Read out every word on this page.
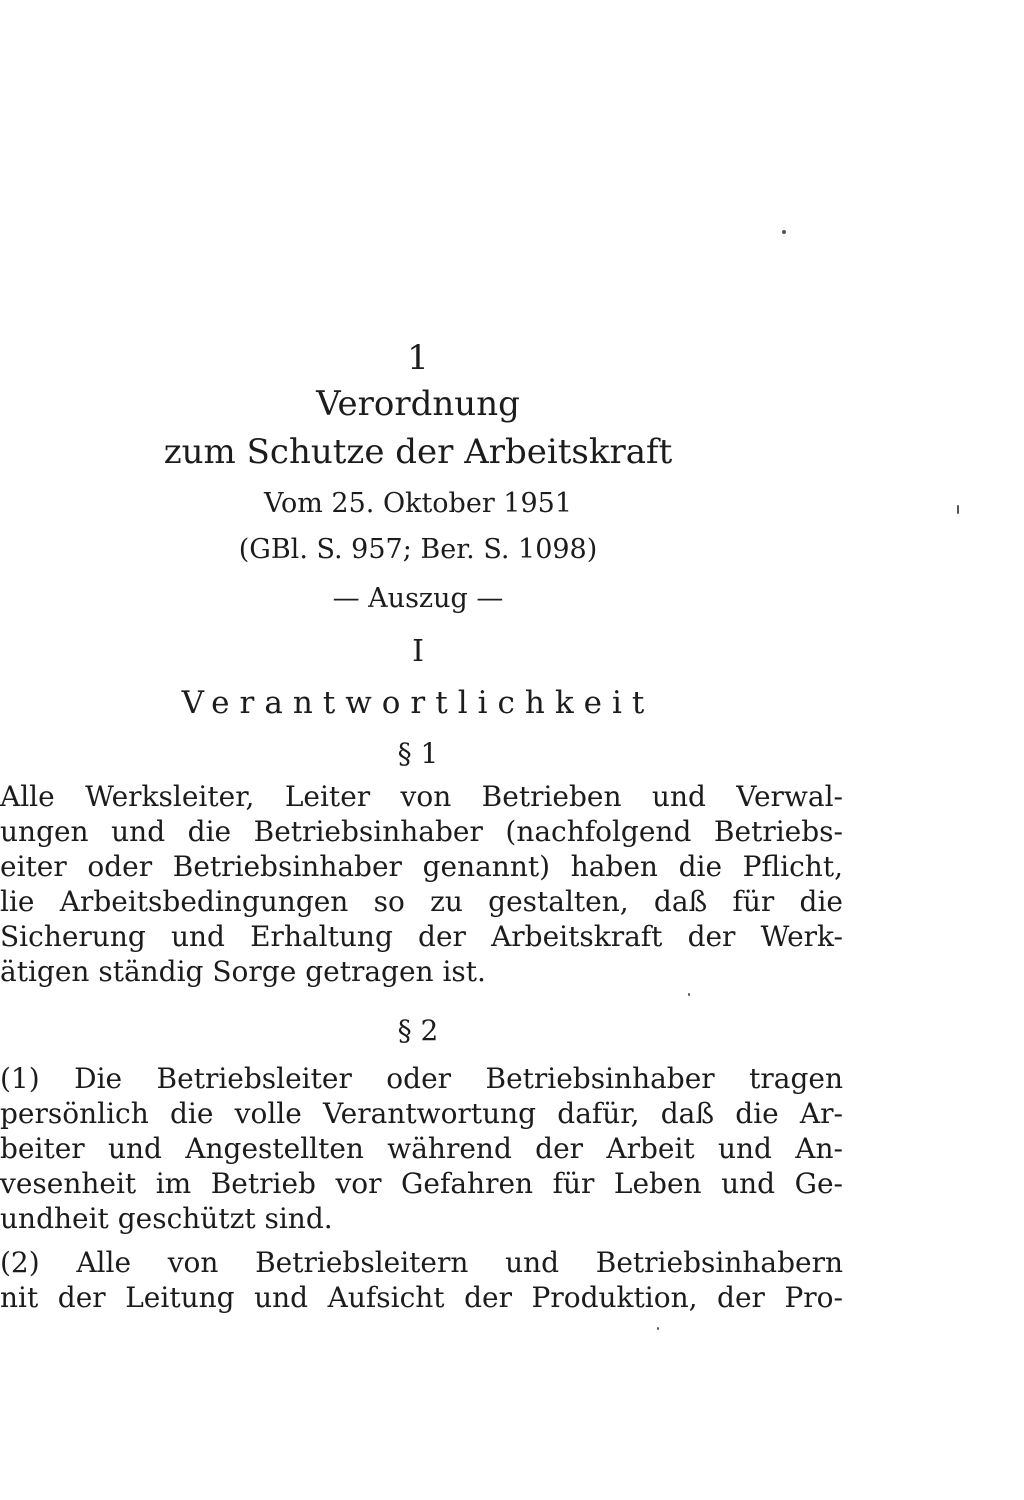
1
Verordnung
zum Schutze der Arbeitskraft
Vom 25. Oktober 1951
(GBl. S. 957; Ber. S. 1098)
— Auszug —
I
Verantwortlichkeit
§ 1
Alle Werksleiter, Leiter von Betrieben und Verwal-
ungen und die Betriebsinhaber (nachfolgend Betriebs-
eiter oder Betriebsinhaber genannt) haben die Pflicht,
lie Arbeitsbedingungen so zu gestalten, daß für die
Sicherung und Erhaltung der Arbeitskraft der Werk-
ätigen ständig Sorge getragen ist.
§ 2
(1) Die Betriebsleiter oder Betriebsinhaber tragen
persönlich die volle Verantwortung dafür, daß die Ar-
beiter und Angestellten während der Arbeit und An-
vesenheit im Betrieb vor Gefahren für Leben und Ge-
undheit geschützt sind.
(2) Alle von Betriebsleitern und Betriebsinhabern
nit der Leitung und Aufsicht der Produktion, der Pro-
